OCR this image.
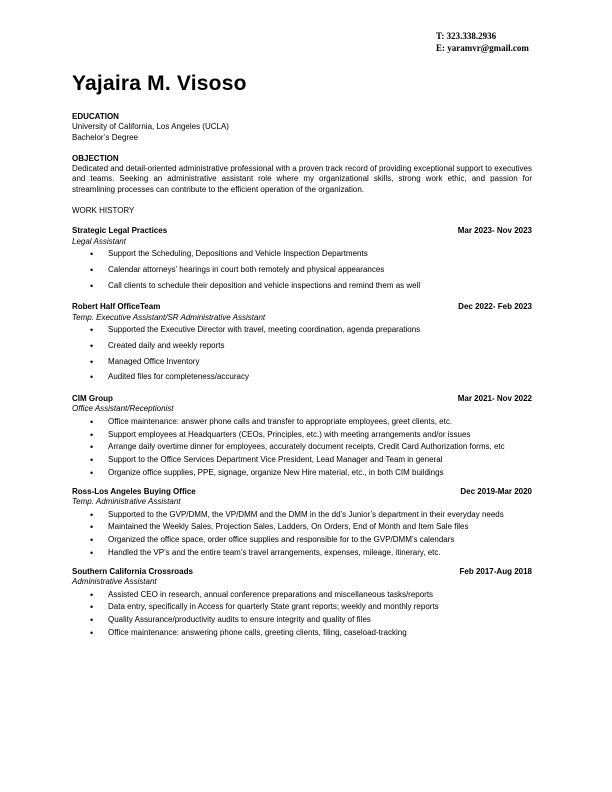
T: 323.338.2936
E: yaramvr@gmail.com
Yajaira M. Visoso

EDUCATION

University of California, Los Angeles (UCLA)

Bachelor’s Degree

OBJECTION

Dedicated and detail-oriented administrative professional with a proven track record of providing exceptional support to executives and teams. Seeking an administrative assistant role where my organizational skills, strong work ethic, and passion for streamlining processes can contribute to the efficient operation of the organization.

WORK HISTORY

Strategic Legal Practices	Mar 2023- Nov 2023

Legal Assistant

• Support the Scheduling, Depositions and Vehicle Inspection Departments
• Calendar attorneys’ hearings in court both remotely and physical appearances
• Call clients to schedule their deposition and vehicle inspections and remind them as well

Robert Half OfficeTeam	Dec 2022- Feb 2023

Temp. Executive Assistant/SR Administrative Assistant

• Supported the Executive Director with travel, meeting coordination, agenda preparations
• Created daily and weekly reports
• Managed Office Inventory
• Audited files for completeness/accuracy

CIM Group	Mar 2021- Nov 2022

Office Assistant/Receptionist

• Office maintenance: answer phone calls and transfer to appropriate employees, greet clients, etc.
• Support employees at Headquarters (CEOs, Principles, etc.) with meeting arrangements and/or issues
• Arrange daily overtime dinner for employees, accurately document receipts, Credit Card Authorization forms, etc
• Support to the Office Services Department Vice President, Lead Manager and Team in general
• Organize office supplies, PPE, signage, organize New Hire material, etc., in both CIM buildings

Ross-Los Angeles Buying Office	Dec 2019-Mar 2020

Temp. Administrative Assistant

• Supported to the GVP/DMM, the VP/DMM and the DMM in the dd’s Junior’s department in their everyday needs
• Maintained the Weekly Sales, Projection Sales, Ladders, On Orders, End of Month and Item Sale files
• Organized the office space, order office supplies and responsible for to the GVP/DMM’s calendars
• Handled the VP’s and the entire team’s travel arrangements, expenses, mileage, itinerary, etc.

Southern California Crossroads	Feb 2017-Aug 2018

Administrative Assistant

• Assisted CEO in research, annual conference preparations and miscellaneous tasks/reports
• Data entry, specifically in Access for quarterly State grant reports; weekly and monthly reports
• Quality Assurance/productivity audits to ensure integrity and quality of files
• Office maintenance: answering phone calls, greeting clients, filing, caseload-tracking
